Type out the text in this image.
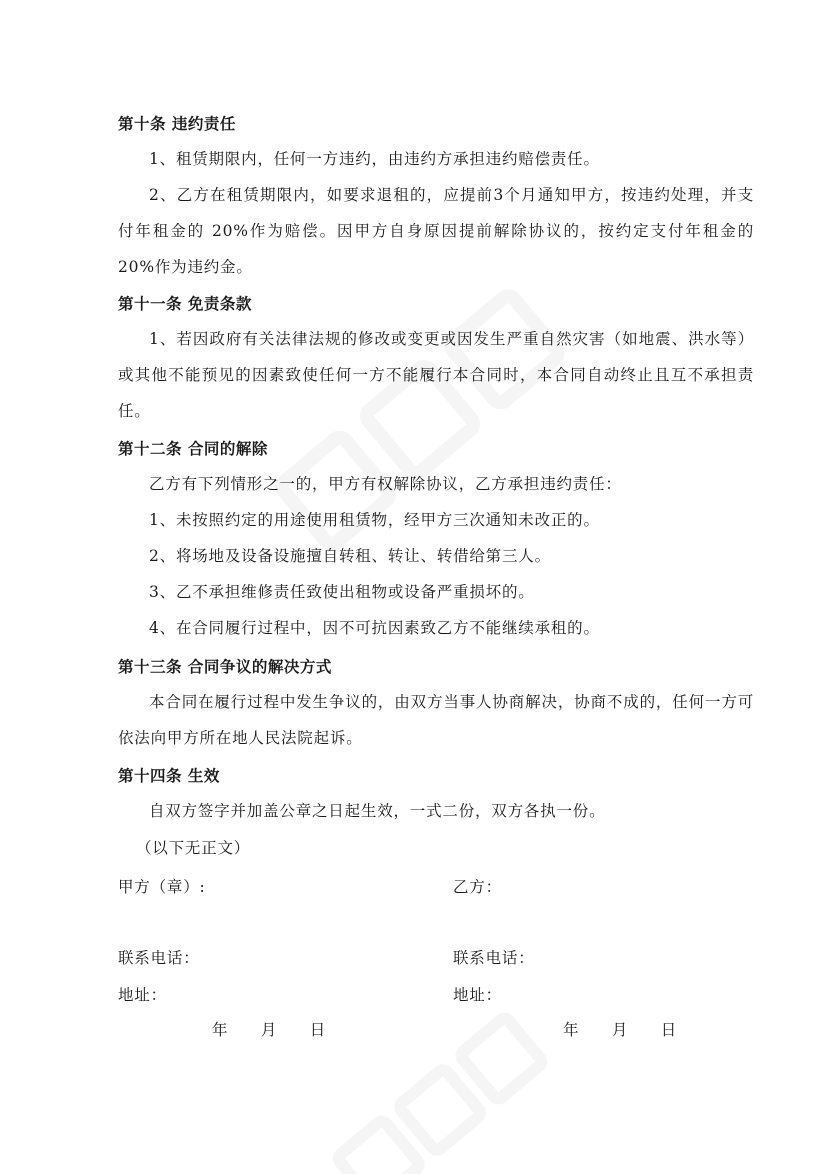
第十条 违约责任
1、租赁期限内，任何一方违约，由违约方承担违约赔偿责任。
2、乙方在租赁期限内，如要求退租的，应提前3个月通知甲方，按违约处理，并支付年租金的 20%作为赔偿。因甲方自身原因提前解除协议的，按约定支付年租金的 20%作为违约金。
第十一条 免责条款
1、若因政府有关法律法规的修改或变更或因发生严重自然灾害（如地震、洪水等）或其他不能预见的因素致使任何一方不能履行本合同时，本合同自动终止且互不承担责任。
第十二条 合同的解除
乙方有下列情形之一的，甲方有权解除协议，乙方承担违约责任：
1、未按照约定的用途使用租赁物，经甲方三次通知未改正的。
2、将场地及设备设施擅自转租、转让、转借给第三人。
3、乙不承担维修责任致使出租物或设备严重损坏的。
4、在合同履行过程中，因不可抗因素致乙方不能继续承租的。
第十三条 合同争议的解决方式
本合同在履行过程中发生争议的，由双方当事人协商解决，协商不成的，任何一方可依法向甲方所在地人民法院起诉。
第十四条 生效
自双方签字并加盖公章之日起生效，一式二份，双方各执一份。
（以下无正文）
甲方（章）:	乙方：
联系电话：	联系电话：
地址：	地址：
年　　月　　日	年　　月　　日
